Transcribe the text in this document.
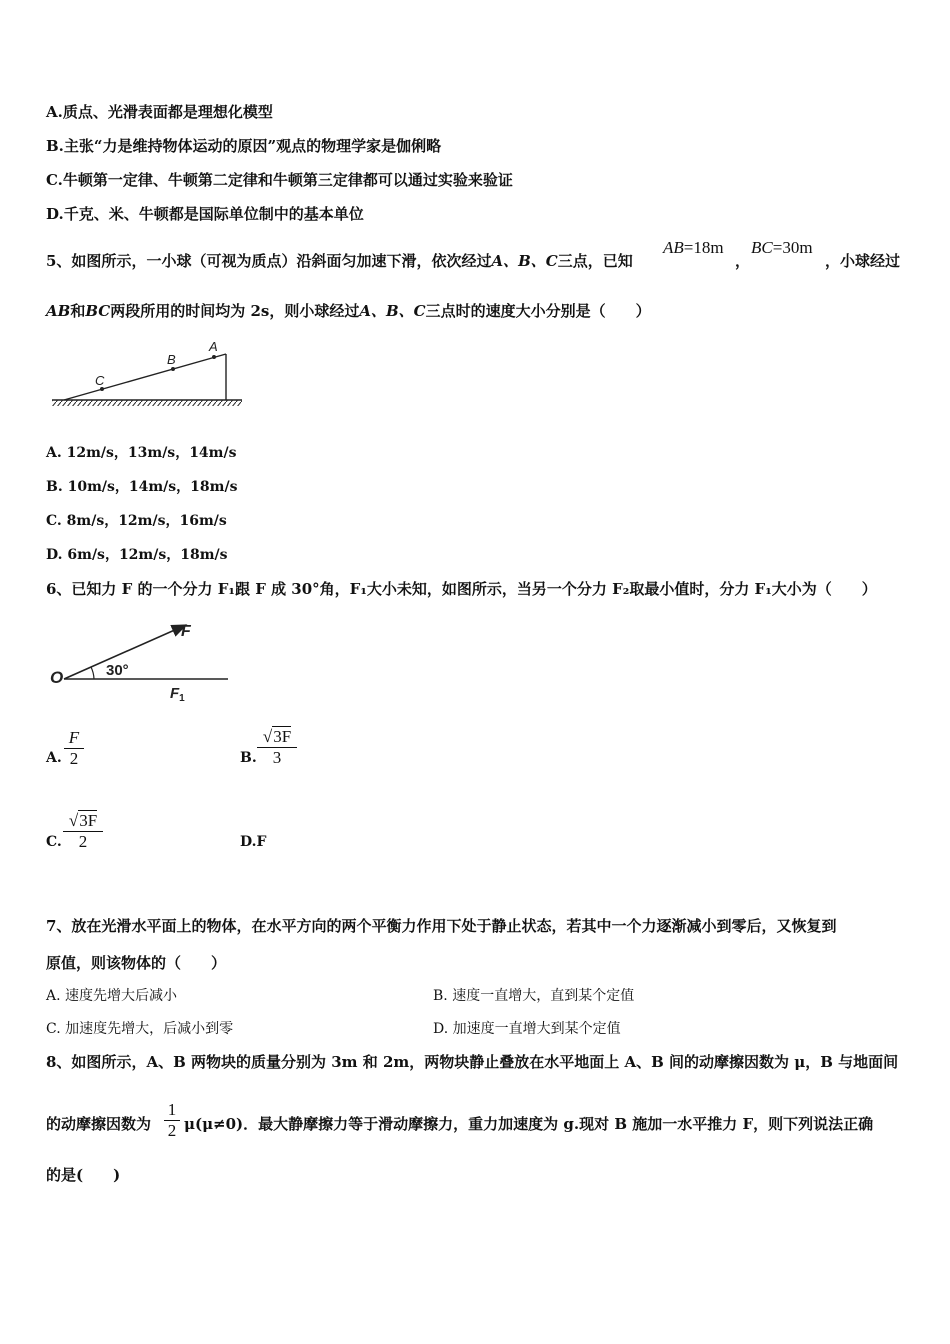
A.质点、光滑表面都是理想化模型
B.主张“力是维持物体运动的原因”观点的物理学家是伽俐略
C.牛顿第一定律、牛顿第二定律和牛顿第三定律都可以通过实验来验证
D.千克、米、牛顿都是国际单位制中的基本单位
5、如图所示，一小球（可视为质点）沿斜面匀加速下滑，依次经过A、B、C三点，已知
AB=18m
，
BC=30m
，小球经过
AB和BC两段所用的时间均为 2s，则小球经过A、B、C三点时的速度大小分别是（　　）
A
B
C
A. 12m/s，13m/s，14m/s
B. 10m/s，14m/s，18m/s
C. 8m/s，12m/s，16m/s
D. 6m/s，12m/s，18m/s
6、已知力 F 的一个分力 F₁跟 F 成 30°角，F₁大小未知，如图所示，当另一个分力 F₂取最小值时，分力 F₁大小为（　　）
O	30°
F
$F_1$
A.
F
2	B.
√3F
3
C.
√3F
2	D.F
7、放在光滑水平面上的物体，在水平方向的两个平衡力作用下处于静止状态，若其中一个力逐渐减小到零后，又恢复到
原值，则该物体的（　　）
A. 速度先增大后减小	B. 速度一直增大，直到某个定值
C. 加速度先增大，后减小到零	D. 加速度一直增大到某个定值
8、如图所示，A、B 两物块的质量分别为 3m 和 2m，两物块静止叠放在水平地面上 A、B 间的动摩擦因数为 μ，B 与地面间
的动摩擦因数为
1
2 μ(μ≠0)．最大静摩擦力等于滑动摩擦力，重力加速度为 g.现对 B 施加一水平推力 F，则下列说法正确
的是(　　)
